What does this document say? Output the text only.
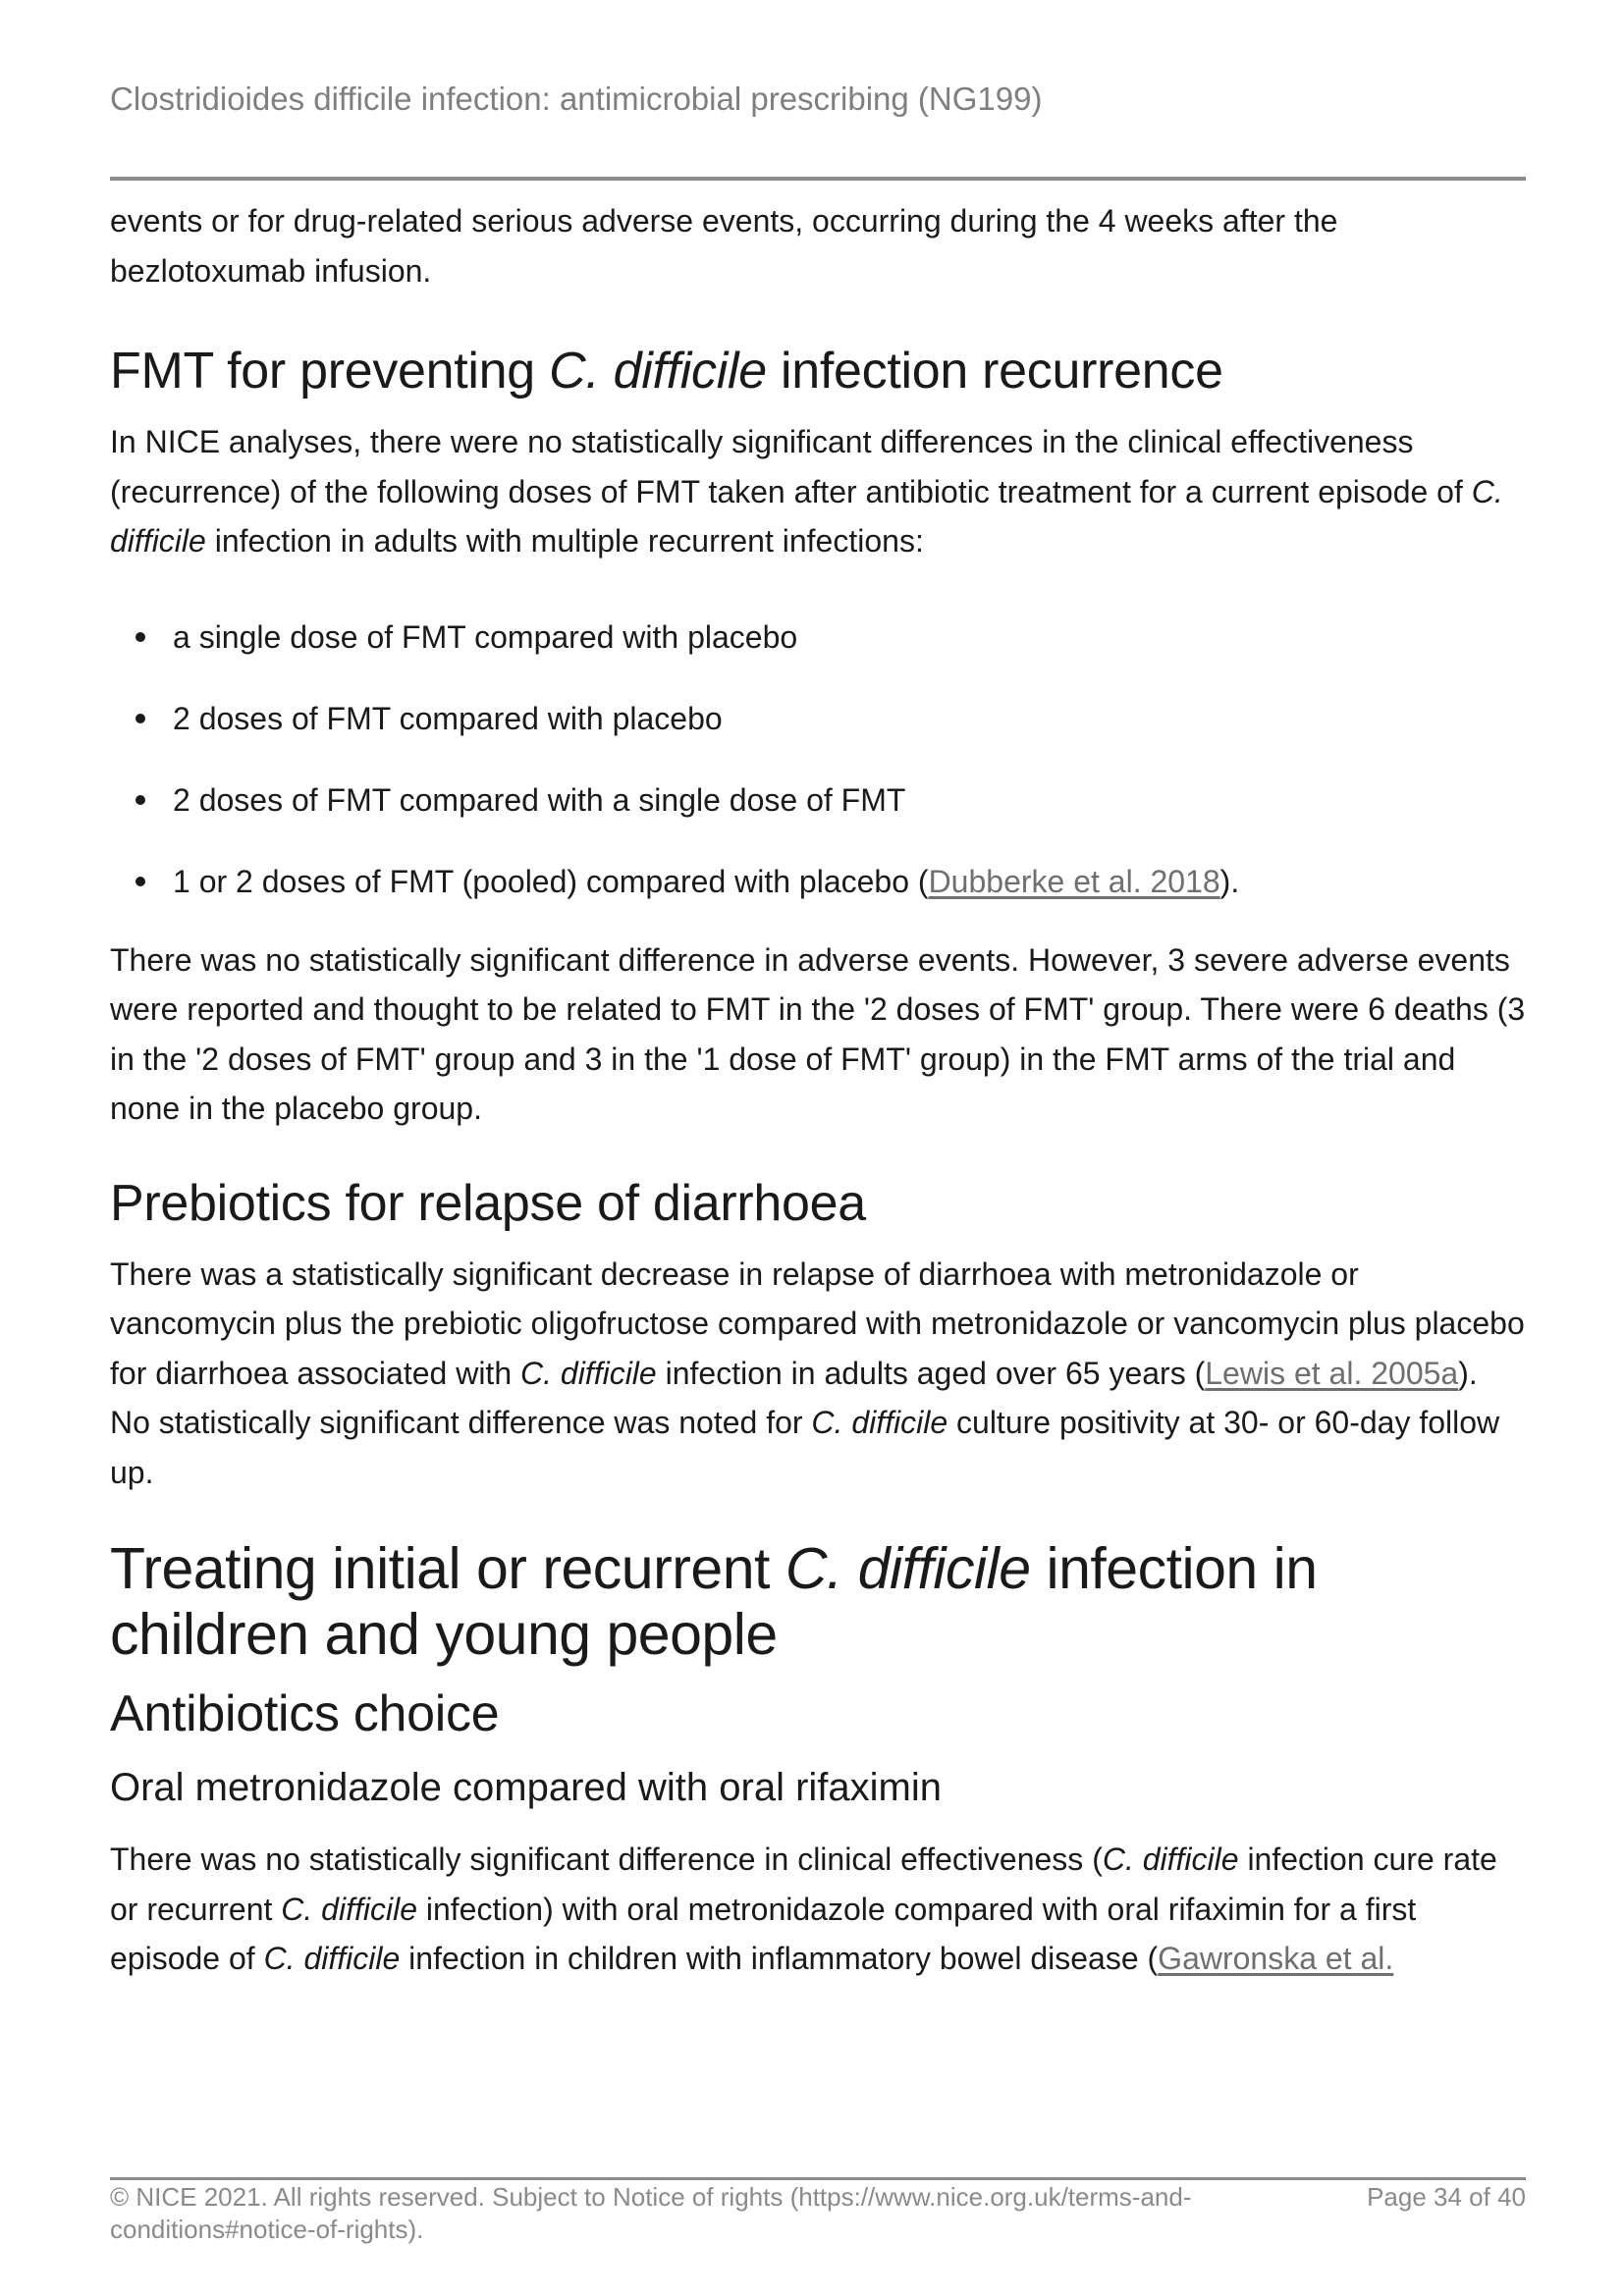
Clostridioides difficile infection: antimicrobial prescribing (NG199)

events or for drug-related serious adverse events, occurring during the 4 weeks after the bezlotoxumab infusion.

FMT for preventing C. difficile infection recurrence

In NICE analyses, there were no statistically significant differences in the clinical effectiveness (recurrence) of the following doses of FMT taken after antibiotic treatment for a current episode of C. difficile infection in adults with multiple recurrent infections:

a single dose of FMT compared with placebo
2 doses of FMT compared with placebo
2 doses of FMT compared with a single dose of FMT
1 or 2 doses of FMT (pooled) compared with placebo (Dubberke et al. 2018).

There was no statistically significant difference in adverse events. However, 3 severe adverse events were reported and thought to be related to FMT in the '2 doses of FMT' group. There were 6 deaths (3 in the '2 doses of FMT' group and 3 in the '1 dose of FMT' group) in the FMT arms of the trial and none in the placebo group.

Prebiotics for relapse of diarrhoea

There was a statistically significant decrease in relapse of diarrhoea with metronidazole or vancomycin plus the prebiotic oligofructose compared with metronidazole or vancomycin plus placebo for diarrhoea associated with C. difficile infection in adults aged over 65 years (Lewis et al. 2005a). No statistically significant difference was noted for C. difficile culture positivity at 30- or 60-day follow up.

Treating initial or recurrent C. difficile infection in children and young people
Antibiotics choice
Oral metronidazole compared with oral rifaximin

There was no statistically significant difference in clinical effectiveness (C. difficile infection cure rate or recurrent C. difficile infection) with oral metronidazole compared with oral rifaximin for a first episode of C. difficile infection in children with inflammatory bowel disease (Gawronska et al.

© NICE 2021. All rights reserved. Subject to Notice of rights (https://www.nice.org.uk/terms-and-conditions#notice-of-rights).
Page 34 of 40
